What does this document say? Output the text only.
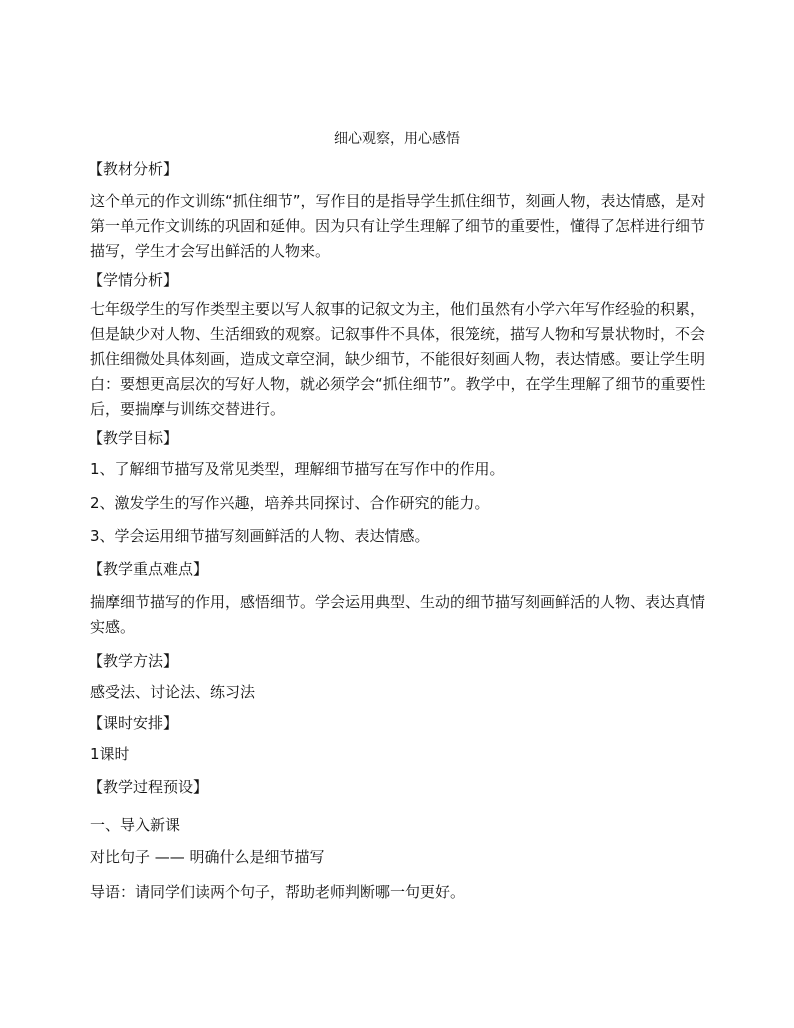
细心观察，用心感悟
【教材分析】
这个单元的作文训练“抓住细节”，写作目的是指导学生抓住细节，刻画人物，表达情感，是对第一单元作文训练的巩固和延伸。因为只有让学生理解了细节的重要性，懂得了怎样进行细节描写，学生才会写出鲜活的人物来。
【学情分析】
七年级学生的写作类型主要以写人叙事的记叙文为主，他们虽然有小学六年写作经验的积累，但是缺少对人物、生活细致的观察。记叙事件不具体，很笼统，描写人物和写景状物时，不会抓住细微处具体刻画，造成文章空洞，缺少细节，不能很好刻画人物，表达情感。要让学生明白：要想更高层次的写好人物，就必须学会“抓住细节”。教学中，在学生理解了细节的重要性后，要揣摩与训练交替进行。
【教学目标】
1、了解细节描写及常见类型，理解细节描写在写作中的作用。
2、激发学生的写作兴趣，培养共同探讨、合作研究的能力。
3、学会运用细节描写刻画鲜活的人物、表达情感。
【教学重点难点】
揣摩细节描写的作用，感悟细节。学会运用典型、生动的细节描写刻画鲜活的人物、表达真情实感。
【教学方法】
感受法、讨论法、练习法
【课时安排】
1课时
【教学过程预设】
一、导入新课
对比句子 —— 明确什么是细节描写
导语：请同学们读两个句子，帮助老师判断哪一句更好。
